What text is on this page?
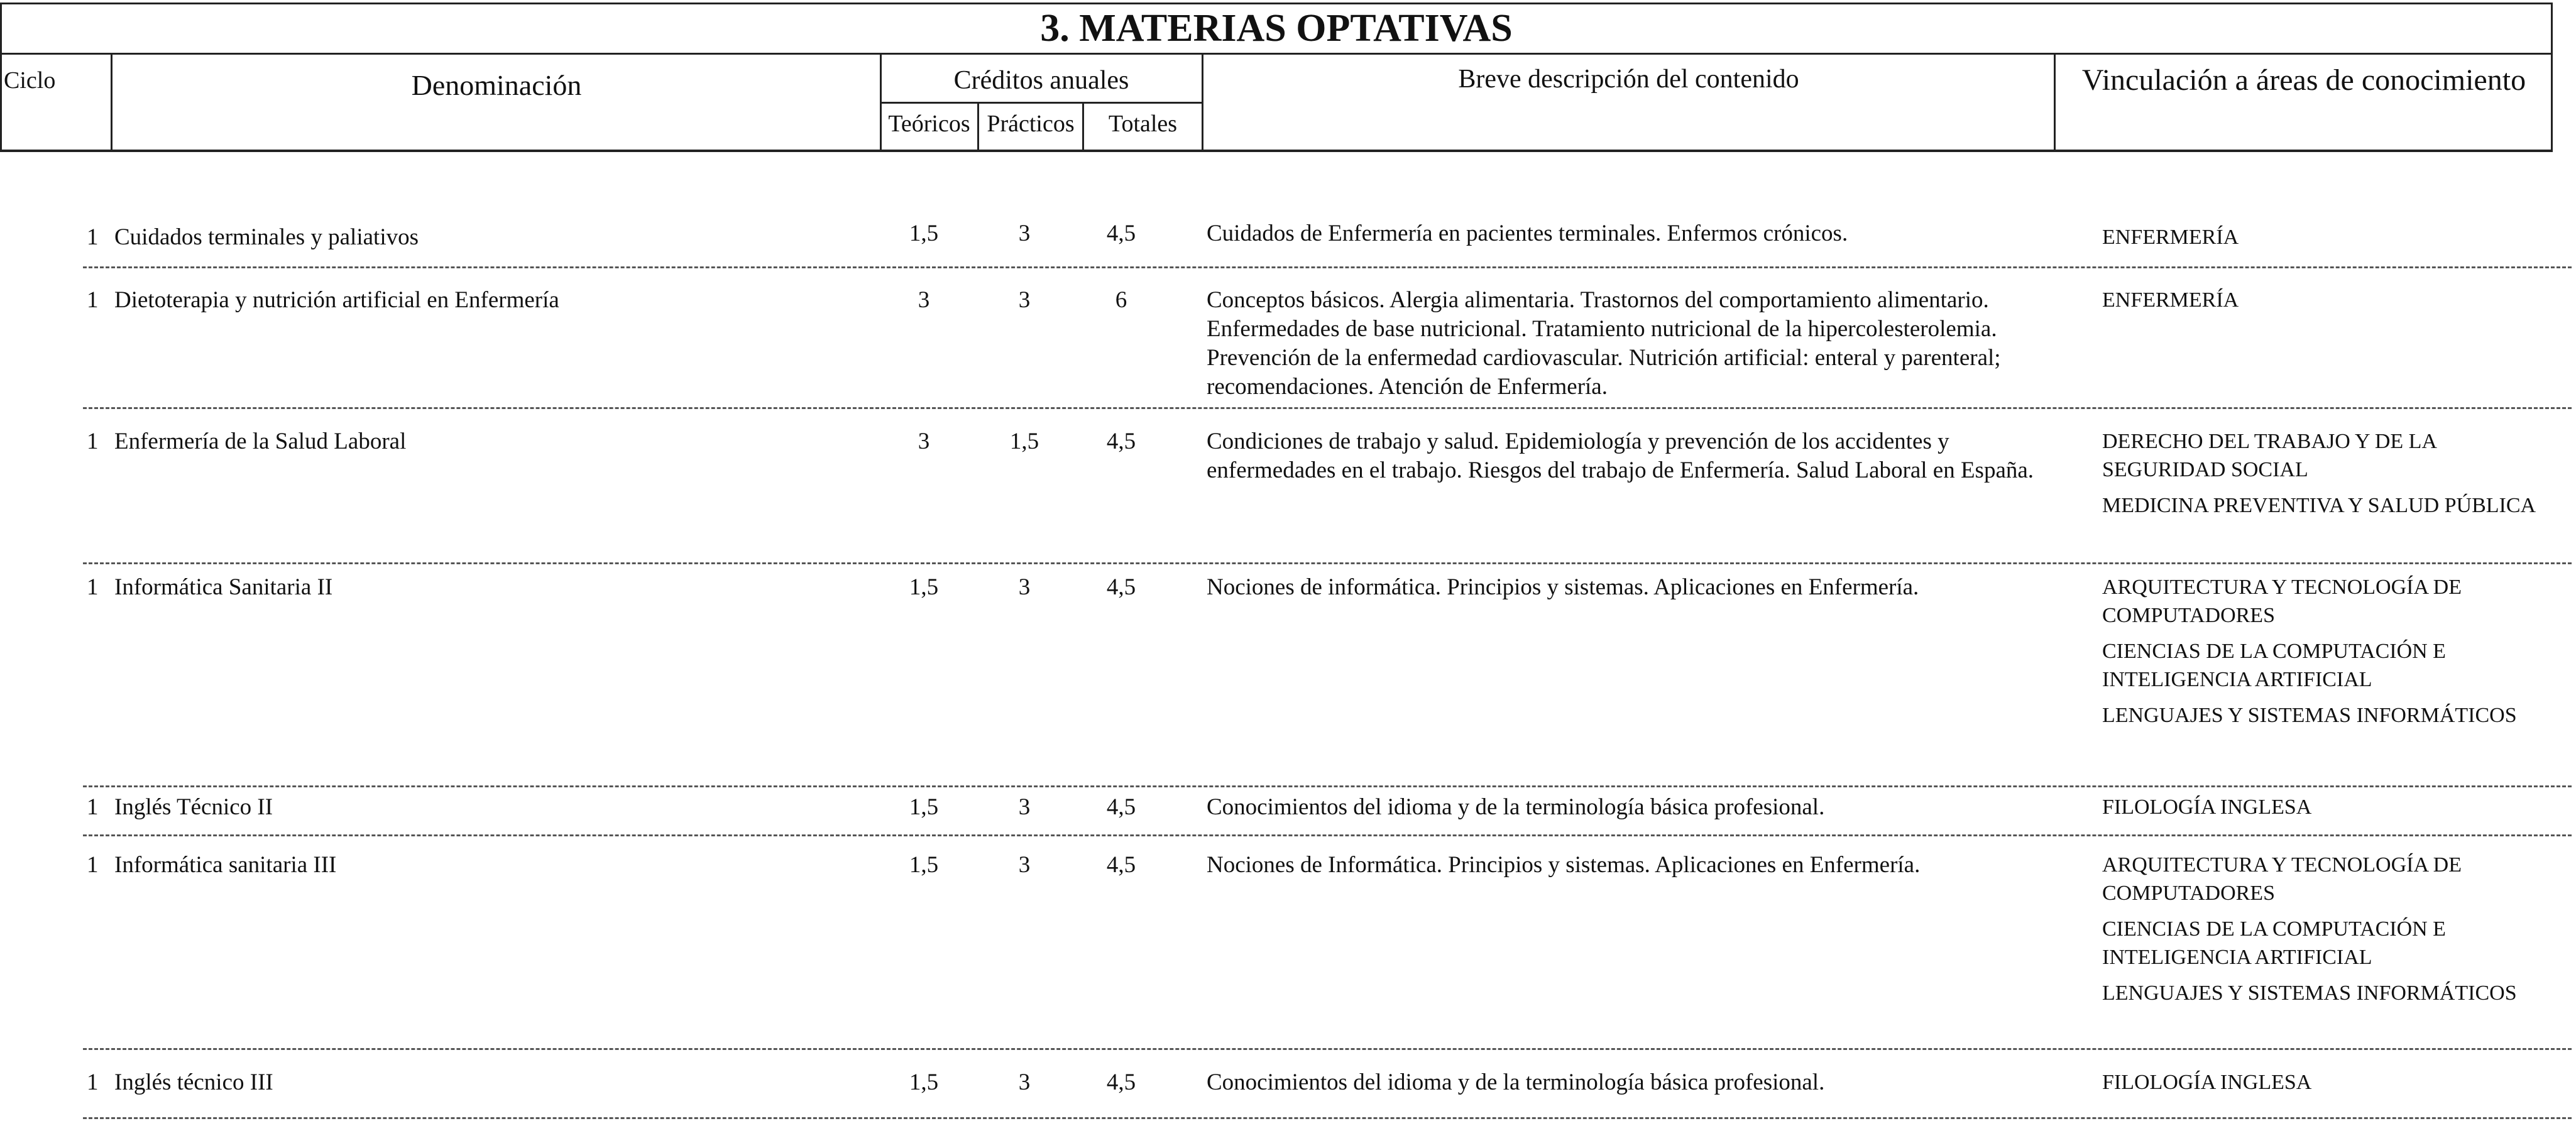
3. MATERIAS OPTATIVAS
Ciclo	Denominación	Créditos anuales
Teóricos Prácticos	Totales
Breve descripción del contenido	Vinculación a áreas de conocimiento
1 Cuidados terminales y paliativos	1,5	3	4,5	Cuidados de Enfermería en pacientes terminales. Enfermos crónicos.	ENFERMERÍA
1 Dietoterapia y nutrición artificial en Enfermería	3	3	6	Conceptos básicos. Alergia alimentaria. Trastornos del comportamiento alimentario. Enfermedades de base nutricional. Tratamiento nutricional de la hipercolesterolemia. Prevención de la enfermedad cardiovascular. Nutrición artificial: enteral y parenteral; recomendaciones. Atención de Enfermería.
ENFERMERÍA
1 Enfermería de la Salud Laboral	3	1,5	4,5	Condiciones de trabajo y salud. Epidemiología y prevención de los accidentes y enfermedades en el trabajo. Riesgos del trabajo de Enfermería. Salud Laboral en España.
DERECHO DEL TRABAJO Y DE LA SEGURIDAD SOCIAL
MEDICINA PREVENTIVA Y SALUD PÚBLICA
1 Informática Sanitaria II	1,5	3	4,5	Nociones de informática. Principios y sistemas. Aplicaciones en Enfermería.	ARQUITECTURA Y TECNOLOGÍA DE COMPUTADORES
CIENCIAS DE LA COMPUTACIÓN E INTELIGENCIA ARTIFICIAL
LENGUAJES Y SISTEMAS INFORMÁTICOS
1 Inglés Técnico II	1,5	3	4,5	Conocimientos del idioma y de la terminología básica profesional.	FILOLOGÍA INGLESA
1 Informática sanitaria III	1,5	3	4,5	Nociones de Informática. Principios y sistemas. Aplicaciones en Enfermería.	ARQUITECTURA Y TECNOLOGÍA DE COMPUTADORES
CIENCIAS DE LA COMPUTACIÓN E INTELIGENCIA ARTIFICIAL
LENGUAJES Y SISTEMAS INFORMÁTICOS
1 Inglés técnico III	1,5	3	4,5	Conocimientos del idioma y de la terminología básica profesional.	FILOLOGÍA INGLESA
